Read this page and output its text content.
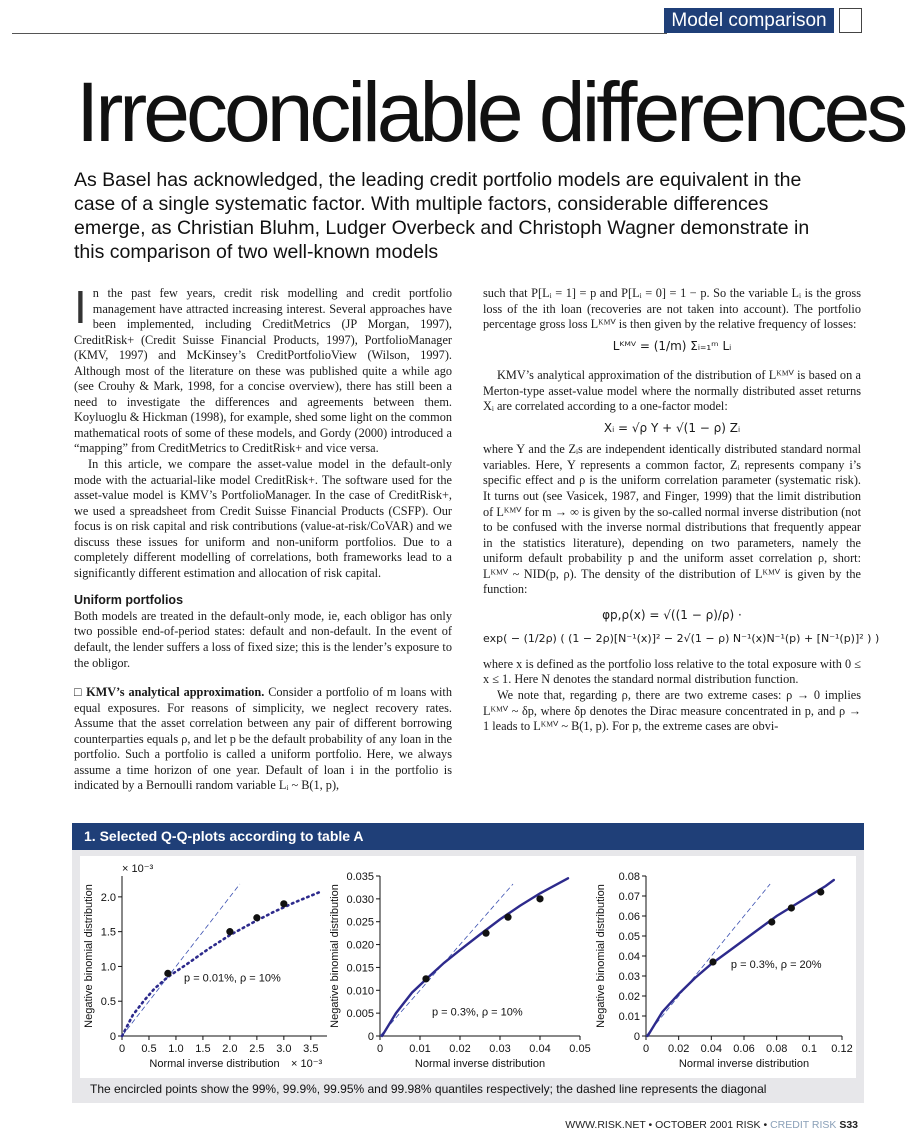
Model comparison
Irreconcilable differences
As Basel has acknowledged, the leading credit portfolio models are equivalent in the case of a single systematic factor. With multiple factors, considerable differences emerge, as Christian Bluhm, Ludger Overbeck and Christoph Wagner demonstrate in this comparison of two well-known models

In the past few years, credit risk modelling and credit portfolio management have attracted increasing interest. Several approaches have been implemented, including CreditMetrics (JP Morgan, 1997), CreditRisk+ (Credit Suisse Financial Products, 1997), PortfolioManager (KMV, 1997) and McKinsey’s CreditPortfolioView (Wilson, 1997). Although most of the literature on these was published quite a while ago (see Crouhy & Mark, 1998, for a concise overview), there has still been a need to investigate the differences and agreements between them. Koyluoglu & Hickman (1998), for example, shed some light on the common mathematical roots of some of these models, and Gordy (2000) introduced a “mapping” from CreditMetrics to CreditRisk+ and vice versa.

In this article, we compare the asset-value model in the default-only mode with the actuarial-like model CreditRisk+. The software used for the asset-value model is KMV’s PortfolioManager. In the case of CreditRisk+, we used a spreadsheet from Credit Suisse Financial Products (CSFP). Our focus is on risk capital and risk contributions (value-at-risk/CoVAR) and we discuss these issues for uniform and non-uniform portfolios. Due to a completely different modelling of correlations, both frameworks lead to a significantly different estimation and allocation of risk capital.

Uniform portfolios

Both models are treated in the default-only mode, ie, each obligor has only two possible end-of-period states: default and non-default. In the event of default, the lender suffers a loss of fixed size; this is the lender’s exposure to the obligor.

□ KMV’s analytical approximation. Consider a portfolio of m loans with equal exposures. For reasons of simplicity, we neglect recovery rates. Assume that the asset correlation between any pair of different borrowing counterparties equals ρ, and let p be the default probability of any loan in the portfolio. Such a portfolio is called a uniform portfolio. Here, we always assume a time horizon of one year. Default of loan i in the portfolio is indicated by a Bernoulli random variable Lᵢ ~ B(1, p),

such that P[Lᵢ = 1] = p and P[Lᵢ = 0] = 1 − p. So the variable Lᵢ is the gross loss of the ith loan (recoveries are not taken into account). The portfolio percentage gross loss Lᴷᴹⱽ is then given by the relative frequency of losses:

Lᴷᴹⱽ = (1/m) Σᵢ₌₁ᵐ Lᵢ

KMV’s analytical approximation of the distribution of Lᴷᴹⱽ is based on a Merton-type asset-value model where the normally distributed asset returns Xᵢ are correlated according to a one-factor model:

Xᵢ = √ρ Y + √(1 − ρ) Zᵢ

where Y and the Zᵢs are independent identically distributed standard normal variables. Here, Y represents a common factor, Zᵢ represents company i’s specific effect and ρ is the uniform correlation parameter (systematic risk). It turns out (see Vasicek, 1987, and Finger, 1999) that the limit distribution of Lᴷᴹⱽ for m → ∞ is given by the so-called normal inverse distribution (not to be confused with the inverse normal distributions that frequently appear in the statistics literature), depending on two parameters, namely the uniform default probability p and the uniform asset correlation ρ, short: Lᴷᴹⱽ ~ NID(p, ρ). The density of the distribution of Lᴷᴹⱽ is given by the function:

φp,ρ(x) = √((1 − ρ)/ρ) ·
exp( − (1/2ρ) ( (1 − 2ρ)[N⁻¹(x)]² − 2√(1 − ρ) N⁻¹(x)N⁻¹(p) + [N⁻¹(p)]² ) )

where x is defined as the portfolio loss relative to the total exposure with 0 ≤ x ≤ 1. Here N denotes the standard normal distribution function.

We note that, regarding ρ, there are two extreme cases: ρ → 0 implies Lᴷᴹⱽ ~ δp, where δp denotes the Dirac measure concentrated in p, and ρ → 1 leads to Lᴷᴹⱽ ~ B(1, p). For p, the extreme cases are obvi-

1. Selected Q-Q-plots according to table A
0 0.5 1.0 1.5 2.0 2.5 3.0 3.5
0
0.5
1.0
1.5
2.0
p = 0.01%, ρ = 10%
Normal inverse distribution
Negative binomial distribution
× 10⁻³
× 10⁻³
0 0.01 0.02 0.03 0.04 0.05
0
0.005
0.010
0.015
0.020
0.025
0.030
0.035
p = 0.3%, ρ = 10%
Normal inverse distribution
Negative binomial distribution
0 0.02 0.04 0.06 0.08 0.1 0.12
0
0.01
0.02
0.03
0.04
0.05
0.06
0.07
0.08
p = 0.3%, ρ = 20%
Normal inverse distribution
Negative binomial distribution
The encircled points show the 99%, 99.9%, 99.95% and 99.98% quantiles respectively; the dashed line represents the diagonal
WWW.RISK.NET • OCTOBER 2001 RISK • CREDIT RISK S33
